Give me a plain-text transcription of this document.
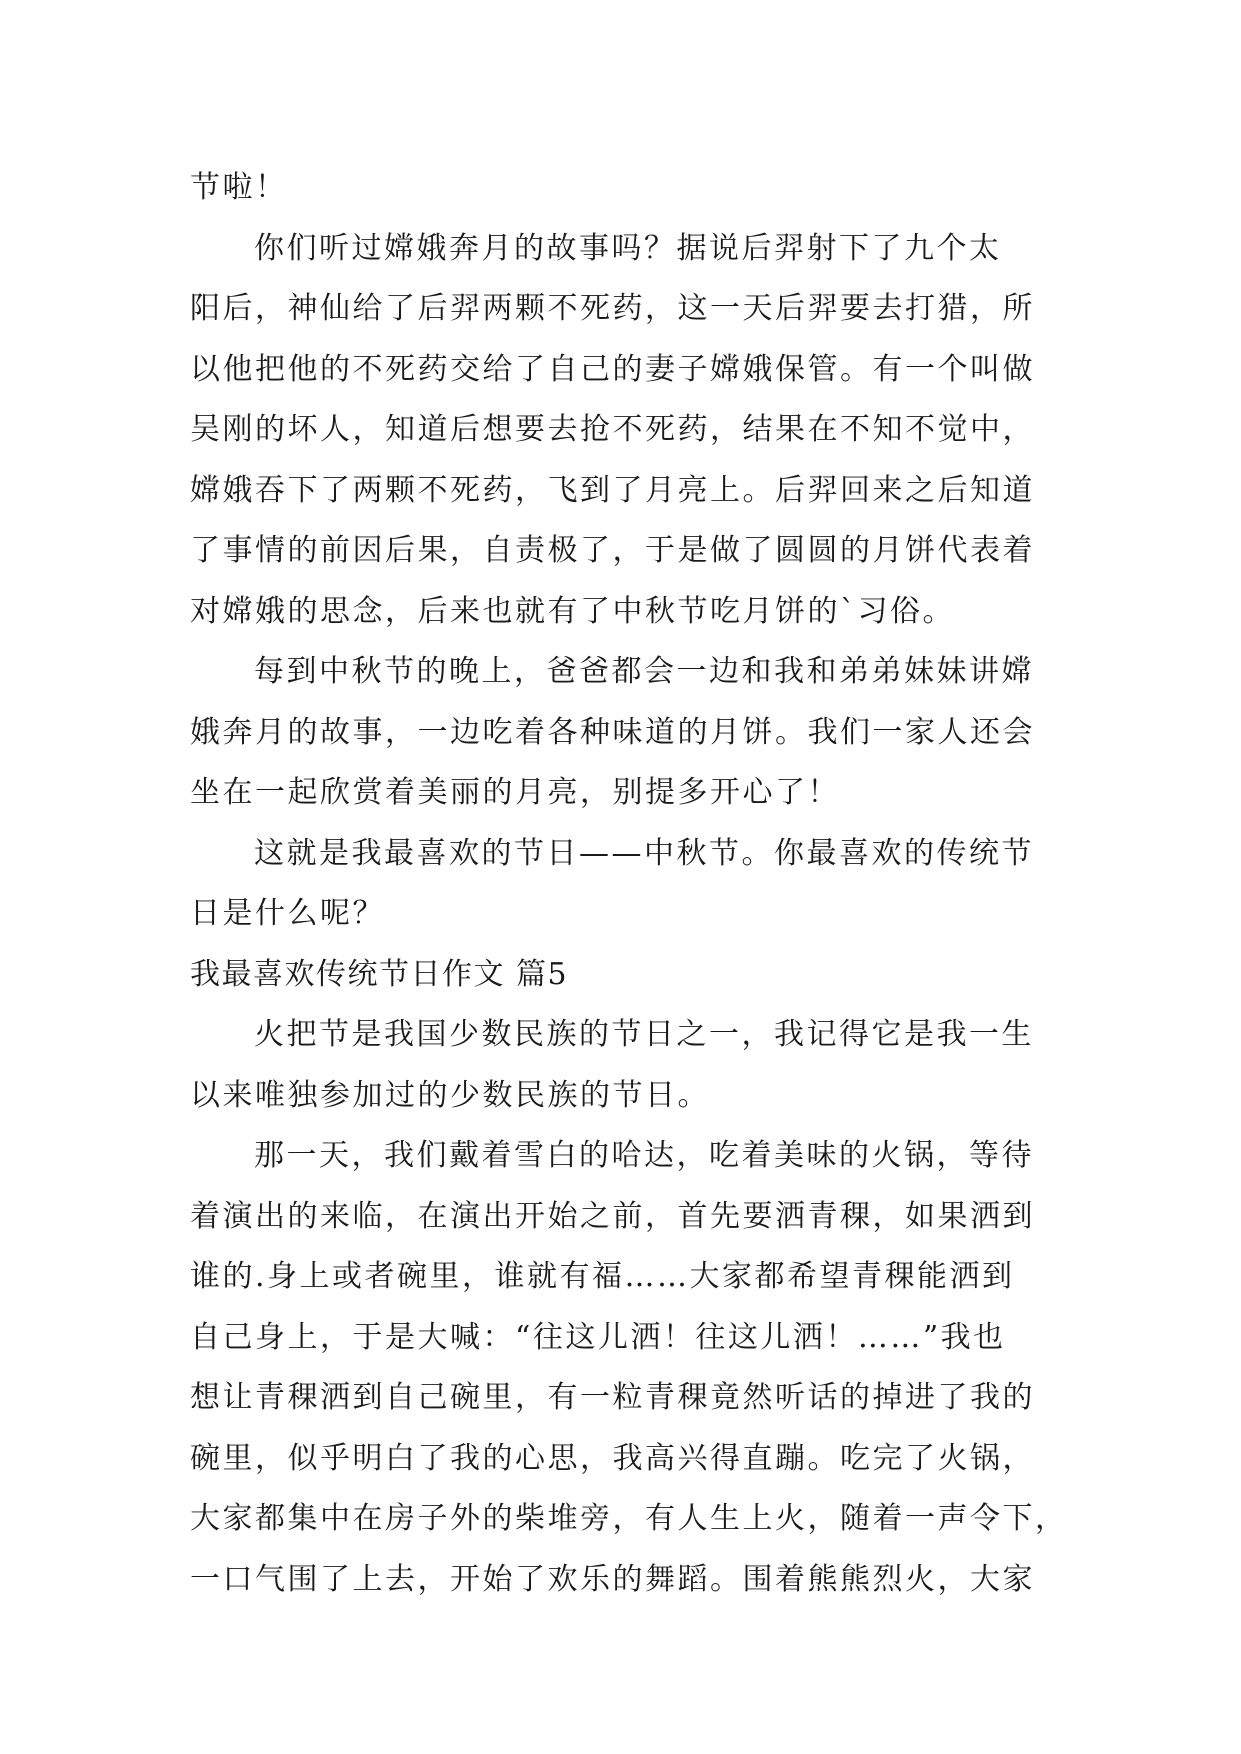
节啦！
你们听过嫦娥奔月的故事吗？据说后羿射下了九个太
阳后，神仙给了后羿两颗不死药，这一天后羿要去打猎，所
以他把他的不死药交给了自己的妻子嫦娥保管。有一个叫做
吴刚的坏人，知道后想要去抢不死药，结果在不知不觉中，
嫦娥吞下了两颗不死药，飞到了月亮上。后羿回来之后知道
了事情的前因后果，自责极了，于是做了圆圆的月饼代表着
对嫦娥的思念，后来也就有了中秋节吃月饼的`习俗。
每到中秋节的晚上，爸爸都会一边和我和弟弟妹妹讲嫦
娥奔月的故事，一边吃着各种味道的月饼。我们一家人还会
坐在一起欣赏着美丽的月亮，别提多开心了！
这就是我最喜欢的节日——中秋节。你最喜欢的传统节
日是什么呢？
我最喜欢传统节日作文 篇5
火把节是我国少数民族的节日之一，我记得它是我一生
以来唯独参加过的少数民族的节日。
那一天，我们戴着雪白的哈达，吃着美味的火锅，等待
着演出的来临，在演出开始之前，首先要洒青稞，如果洒到
谁的.身上或者碗里，谁就有福……大家都希望青稞能洒到
自己身上，于是大喊：“往这儿洒！往这儿洒！……”我也
想让青稞洒到自己碗里，有一粒青稞竟然听话的掉进了我的
碗里，似乎明白了我的心思，我高兴得直蹦。吃完了火锅，
大家都集中在房子外的柴堆旁，有人生上火，随着一声令下，
一口气围了上去，开始了欢乐的舞蹈。围着熊熊烈火，大家
